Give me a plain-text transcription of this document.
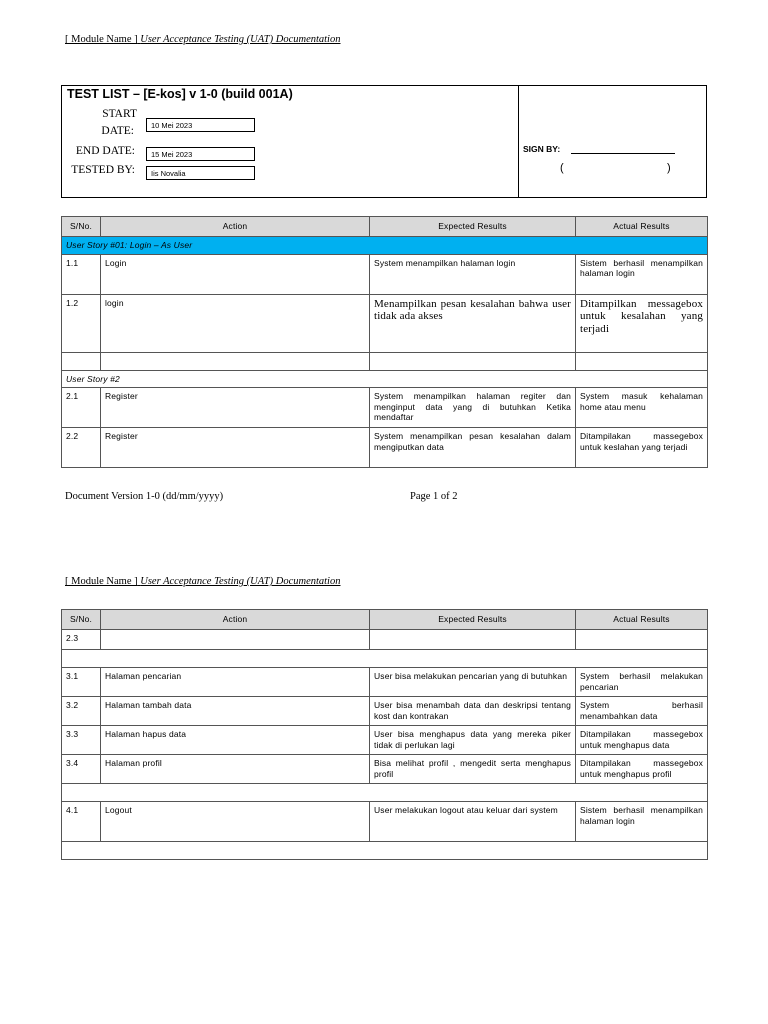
[ Module Name ] User Acceptance Testing (UAT) Documentation
TEST LIST – [E-kos] v 1-0 (build 001A)
START
DATE:	10 Mei 2023
END DATE:	15 Mei 2023
TESTED BY:	Iis Novalia
SIGN BY:
(	)
S/No.	Action	Expected Results	Actual Results
User Story #01: Login – As User			
1.1	Login	System menampilkan halaman login	Sistem berhasil menampilkan halaman login
1.2	login	Menampilkan pesan kesalahan bahwa user tidak ada akses	Ditampilkan messagebox untuk kesalahan yang terjadi

User Story #2			
2.1	Register	System menampilkan halaman regiter dan menginput data yang di butuhkan Ketika mendaftar	System masuk kehalaman home atau menu
2.2	Register	System menampilkan pesan kesalahan dalam mengiputkan data	Ditampilakan massegebox untuk keslahan yang terjadi
Document Version 1-0 (dd/mm/yyyy)	Page 1 of 2
[ Module Name ] User Acceptance Testing (UAT) Documentation
S/No.	Action	Expected Results	Actual Results
2.3			

3.1	Halaman pencarian	User bisa melakukan pencarian yang di butuhkan	System berhasil melakukan pencarian
3.2	Halaman tambah data	User bisa menambah data dan deskripsi tentang kost dan kontrakan	System berhasil menambahkan data
3.3	Halaman hapus data	User bisa menghapus data yang mereka piker tidak di perlukan lagi	Ditampilakan massegebox untuk menghapus data
3.4	Halaman profil	Bisa melihat profil , mengedit serta menghapus profil	Ditampilakan massegebox untuk menghapus profil

4.1	Logout	User melakukan logout atau keluar dari system	Sistem berhasil menampilkan halaman login
